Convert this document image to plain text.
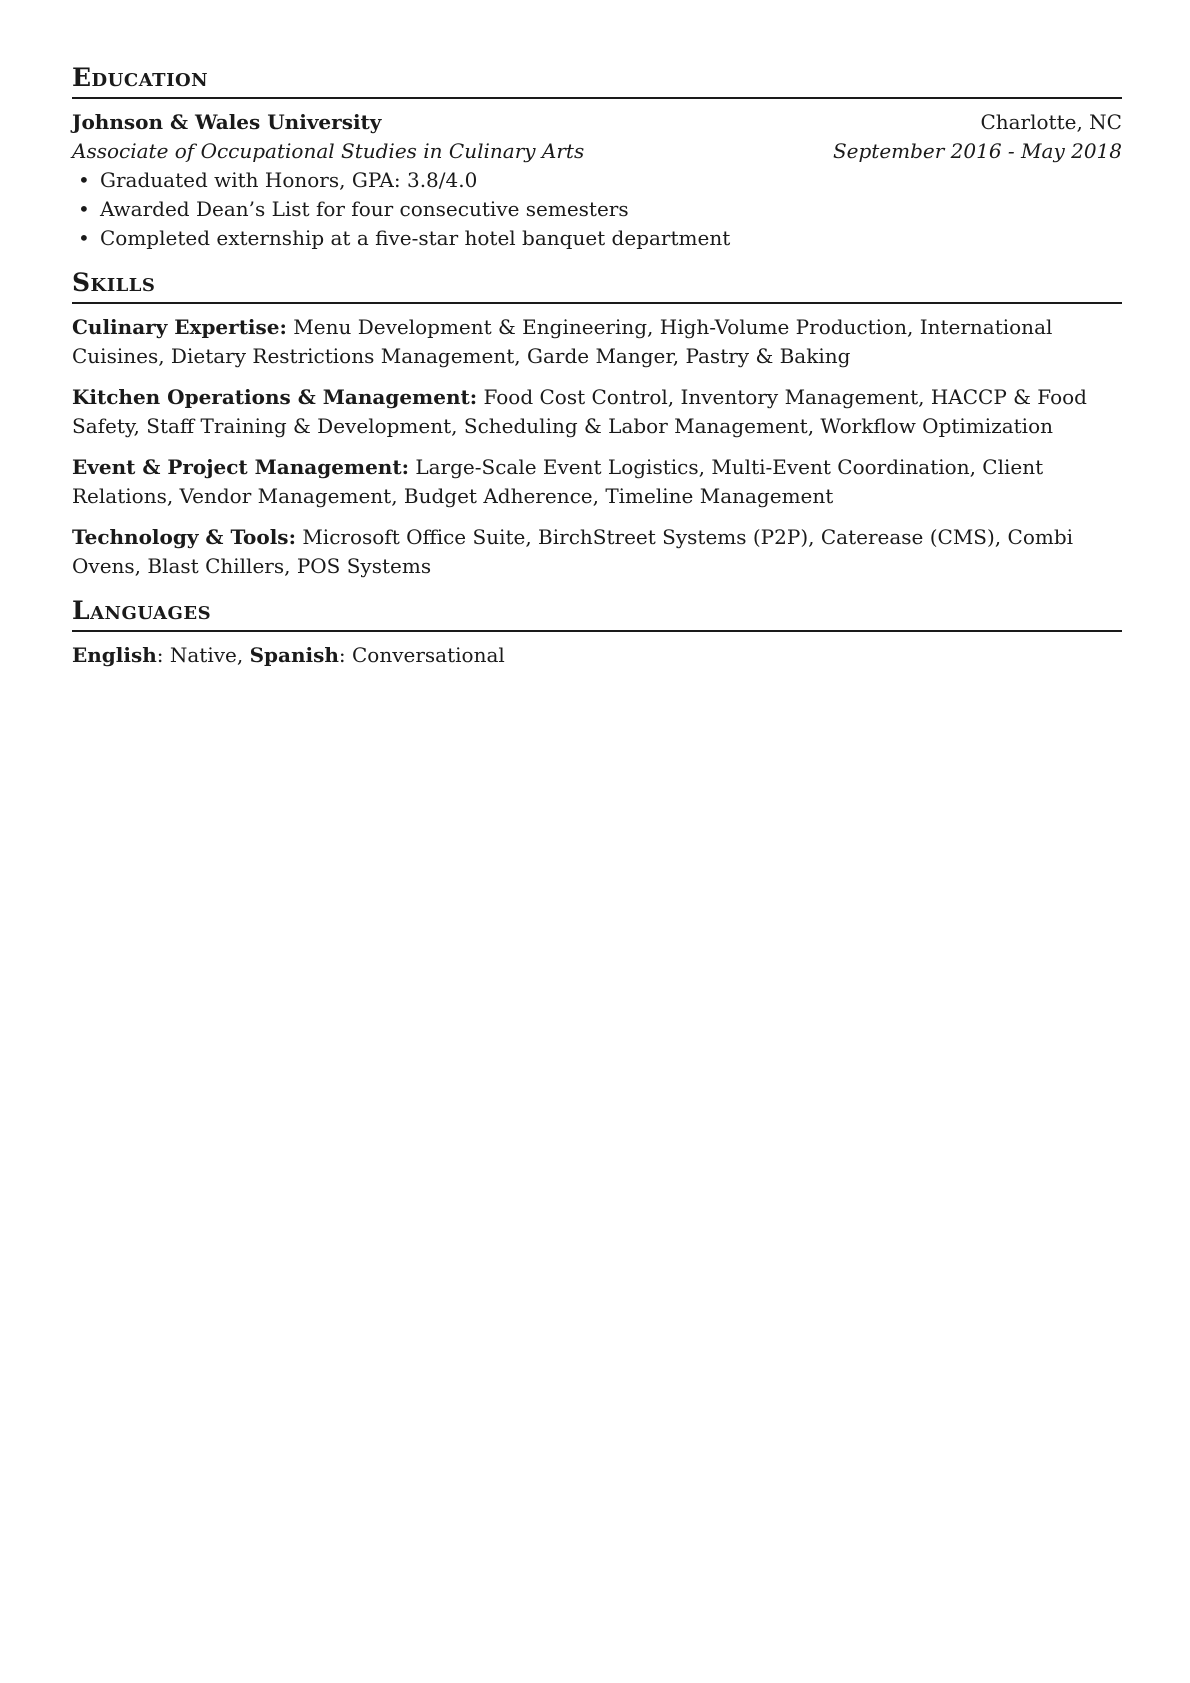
Education
Johnson & Wales University	Charlotte, NC
Associate of Occupational Studies in Culinary Arts	September 2016 - May 2018
• Graduated with Honors, GPA: 3.8/4.0
• Awarded Dean’s List for four consecutive semesters
• Completed externship at a five-star hotel banquet department
Skills

Culinary Expertise: Menu Development & Engineering, High-Volume Production, International Cuisines, Dietary Restrictions Management, Garde Manger, Pastry & Baking

Kitchen Operations & Management: Food Cost Control, Inventory Management, HACCP & Food Safety, Staff Training & Development, Scheduling & Labor Management, Workflow Optimization

Event & Project Management: Large-Scale Event Logistics, Multi-Event Coordination, Client Relations, Vendor Management, Budget Adherence, Timeline Management

Technology & Tools: Microsoft Office Suite, BirchStreet Systems (P2P), Caterease (CMS), Combi Ovens, Blast Chillers, POS Systems

Languages
English: Native, Spanish: Conversational
